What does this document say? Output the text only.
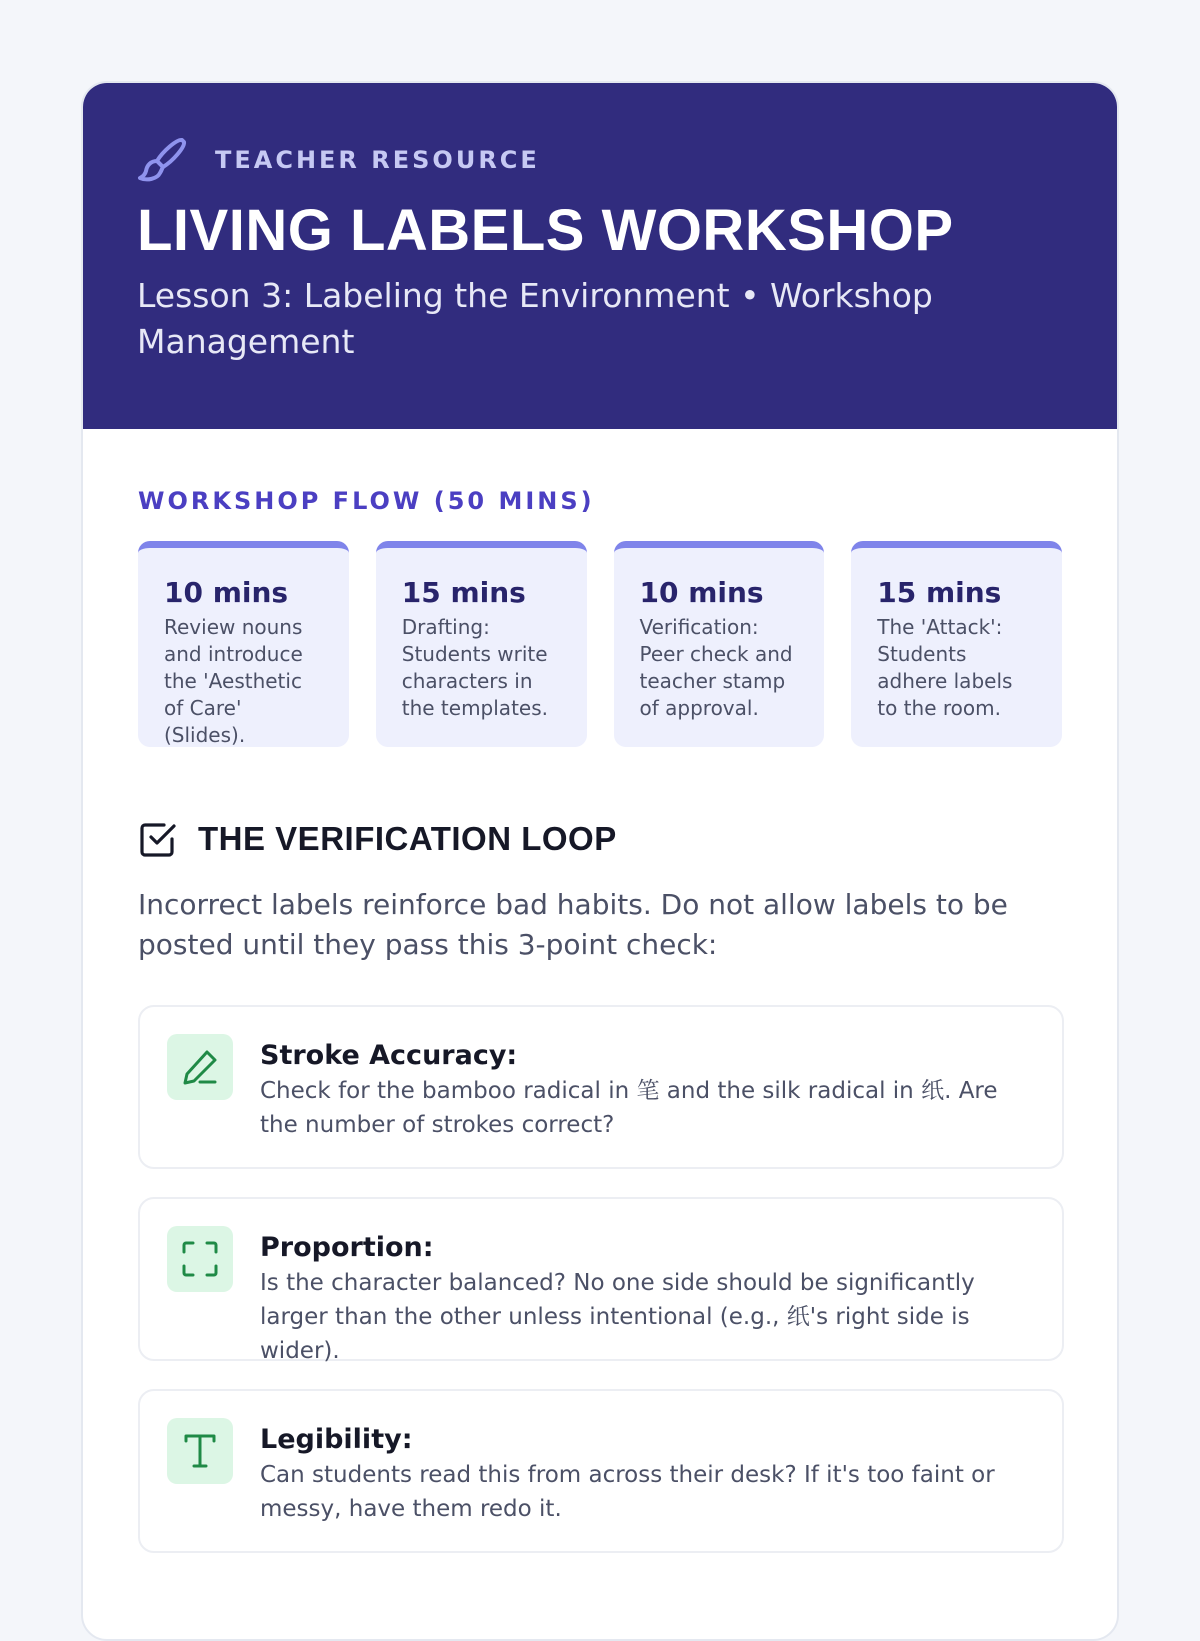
TEACHER RESOURCE
LIVING LABELS WORKSHOP
Lesson 3: Labeling the Environment • Workshop Management
WORKSHOP FLOW (50 MINS)
10 mins
Review nouns and introduce the 'Aesthetic of Care' (Slides).
15 mins
Drafting: Students write characters in the templates.
10 mins
Verification: Peer check and teacher stamp of approval.
15 mins
The 'Attack': Students adhere labels to the room.
THE VERIFICATION LOOP
Incorrect labels reinforce bad habits. Do not allow labels to be posted until they pass this 3-point check:
Stroke Accuracy:
Check for the bamboo radical in 笔 and the silk radical in 纸. Are the number of strokes correct?
Proportion:
Is the character balanced? No one side should be significantly larger than the other unless intentional (e.g., 纸's right side is wider).
Legibility:
Can students read this from across their desk? If it's too faint or messy, have them redo it.
